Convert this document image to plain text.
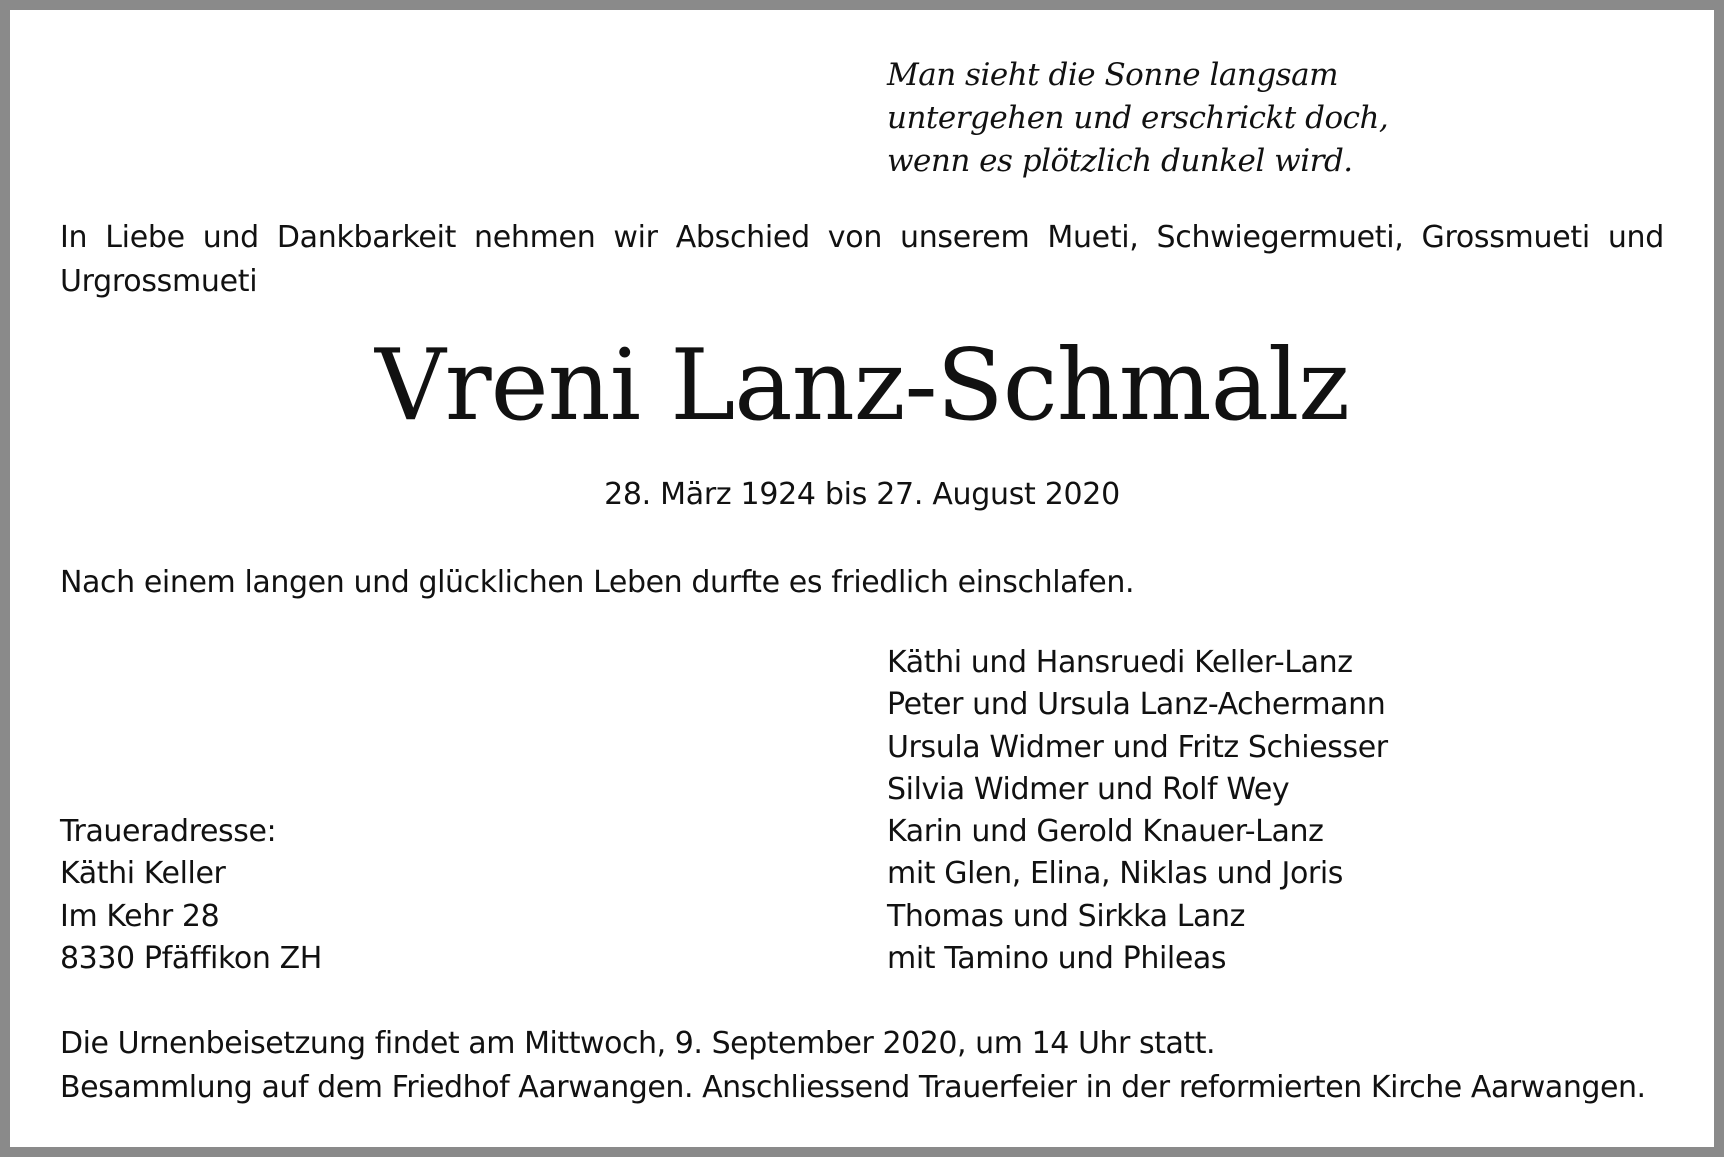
Man sieht die Sonne langsam
untergehen und erschrickt doch,
wenn es plötzlich dunkel wird.
In Liebe und Dankbarkeit nehmen wir Abschied von unserem Mueti, Schwiegermueti, Grossmueti und Urgrossmueti
Vreni Lanz-Schmalz
28. März 1924 bis 27. August 2020
Nach einem langen und glücklichen Leben durfte es friedlich einschlafen.
Käthi und Hansruedi Keller-Lanz
Peter und Ursula Lanz-Achermann
Ursula Widmer und Fritz Schiesser
Silvia Widmer und Rolf Wey
Karin und Gerold Knauer-Lanz
mit Glen, Elina, Niklas und Joris
Thomas und Sirkka Lanz
mit Tamino und Phileas
Traueradresse:
Käthi Keller
Im Kehr 28
8330 Pfäffikon ZH
Die Urnenbeisetzung findet am Mittwoch, 9. September 2020, um 14 Uhr statt.
Besammlung auf dem Friedhof Aarwangen. Anschliessend Trauerfeier in der reformierten Kirche Aarwangen.
